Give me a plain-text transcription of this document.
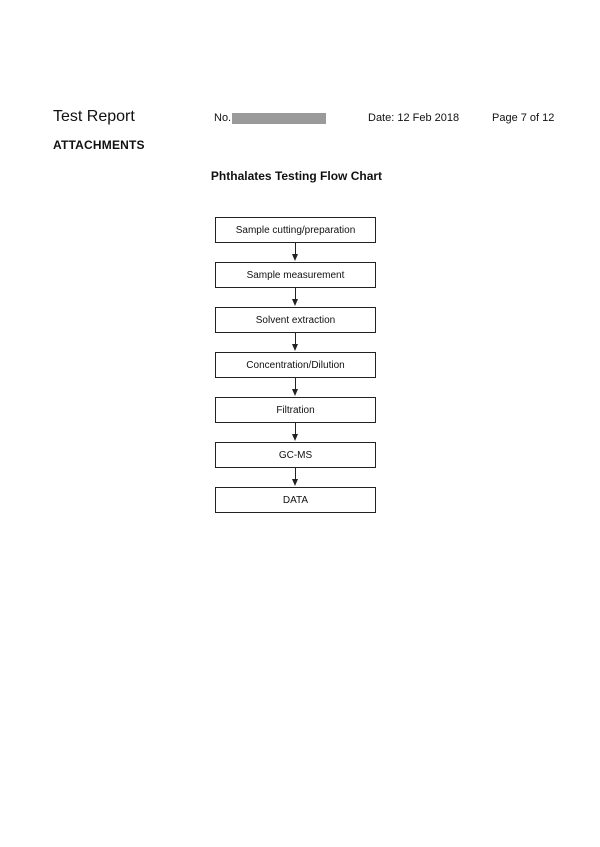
Test Report	No.	Date: 12 Feb 2018	Page 7 of 12
ATTACHMENTS
Phthalates Testing Flow Chart
Sample cutting/preparation
Sample measurement
Solvent extraction
Concentration/Dilution
Filtration
GC-MS
DATA
